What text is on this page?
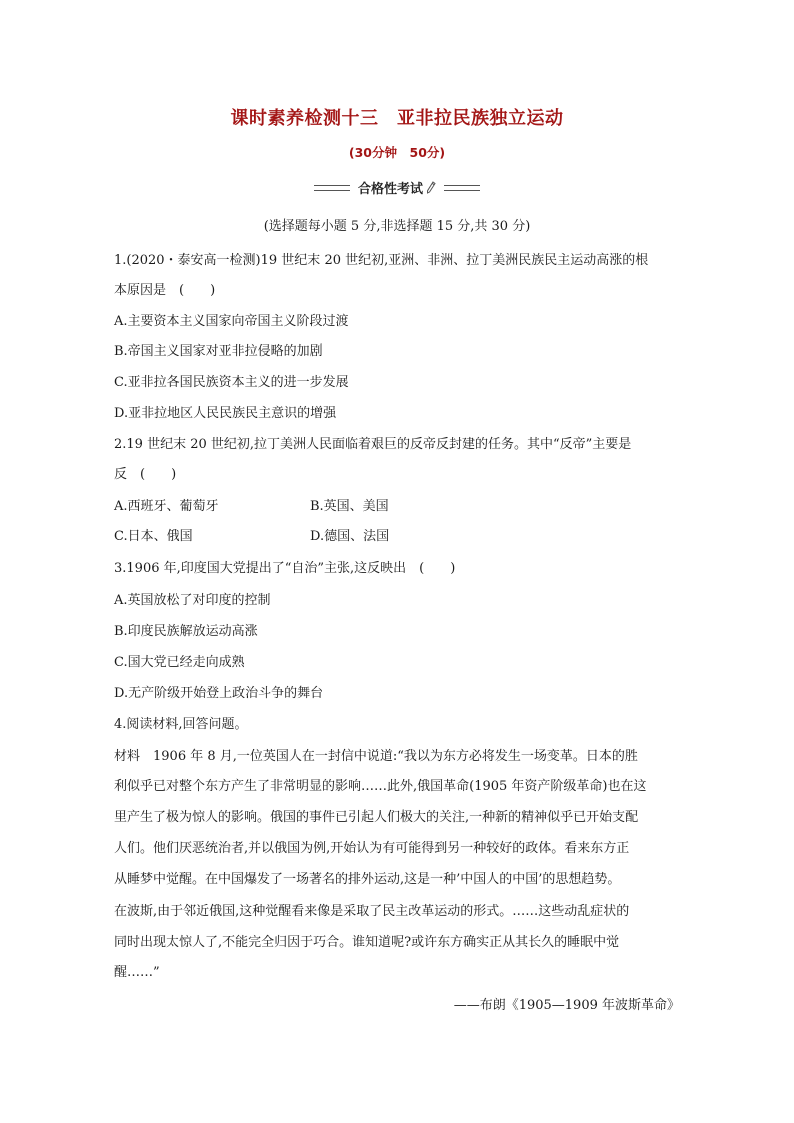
课时素养检测十三　亚非拉民族独立运动
(30分钟　50分)
合格性考试
(选择题每小题 5 分,非选择题 15 分,共 30 分)
1.(2020・泰安高一检测)19 世纪末 20 世纪初,亚洲、非洲、拉丁美洲民族民主运动高涨的根
本原因是　(　　)
A.主要资本主义国家向帝国主义阶段过渡
B.帝国主义国家对亚非拉侵略的加剧
C.亚非拉各国民族资本主义的进一步发展
D.亚非拉地区人民民族民主意识的增强
2.19 世纪末 20 世纪初,拉丁美洲人民面临着艰巨的反帝反封建的任务。其中“反帝”主要是
反　(　　)
A.西班牙、葡萄牙	B.英国、美国
C.日本、俄国	D.德国、法国
3.1906 年,印度国大党提出了“自治”主张,这反映出　(　　)
A.英国放松了对印度的控制
B.印度民族解放运动高涨
C.国大党已经走向成熟
D.无产阶级开始登上政治斗争的舞台
4.阅读材料,回答问题。
材料　1906 年 8 月,一位英国人在一封信中说道:“我以为东方必将发生一场变革。日本的胜
利似乎已对整个东方产生了非常明显的影响……此外,俄国革命(1905 年资产阶级革命)也在这
里产生了极为惊人的影响。俄国的事件已引起人们极大的关注,一种新的精神似乎已开始支配
人们。他们厌恶统治者,并以俄国为例,开始认为有可能得到另一种较好的政体。看来东方正
从睡梦中觉醒。在中国爆发了一场著名的排外运动,这是一种’中国人的中国’的思想趋势。
在波斯,由于邻近俄国,这种觉醒看来像是采取了民主改革运动的形式。……这些动乱症状的
同时出现太惊人了,不能完全归因于巧合。谁知道呢?或许东方确实正从其长久的睡眠中觉
醒……”
——布朗《1905—1909 年波斯革命》
